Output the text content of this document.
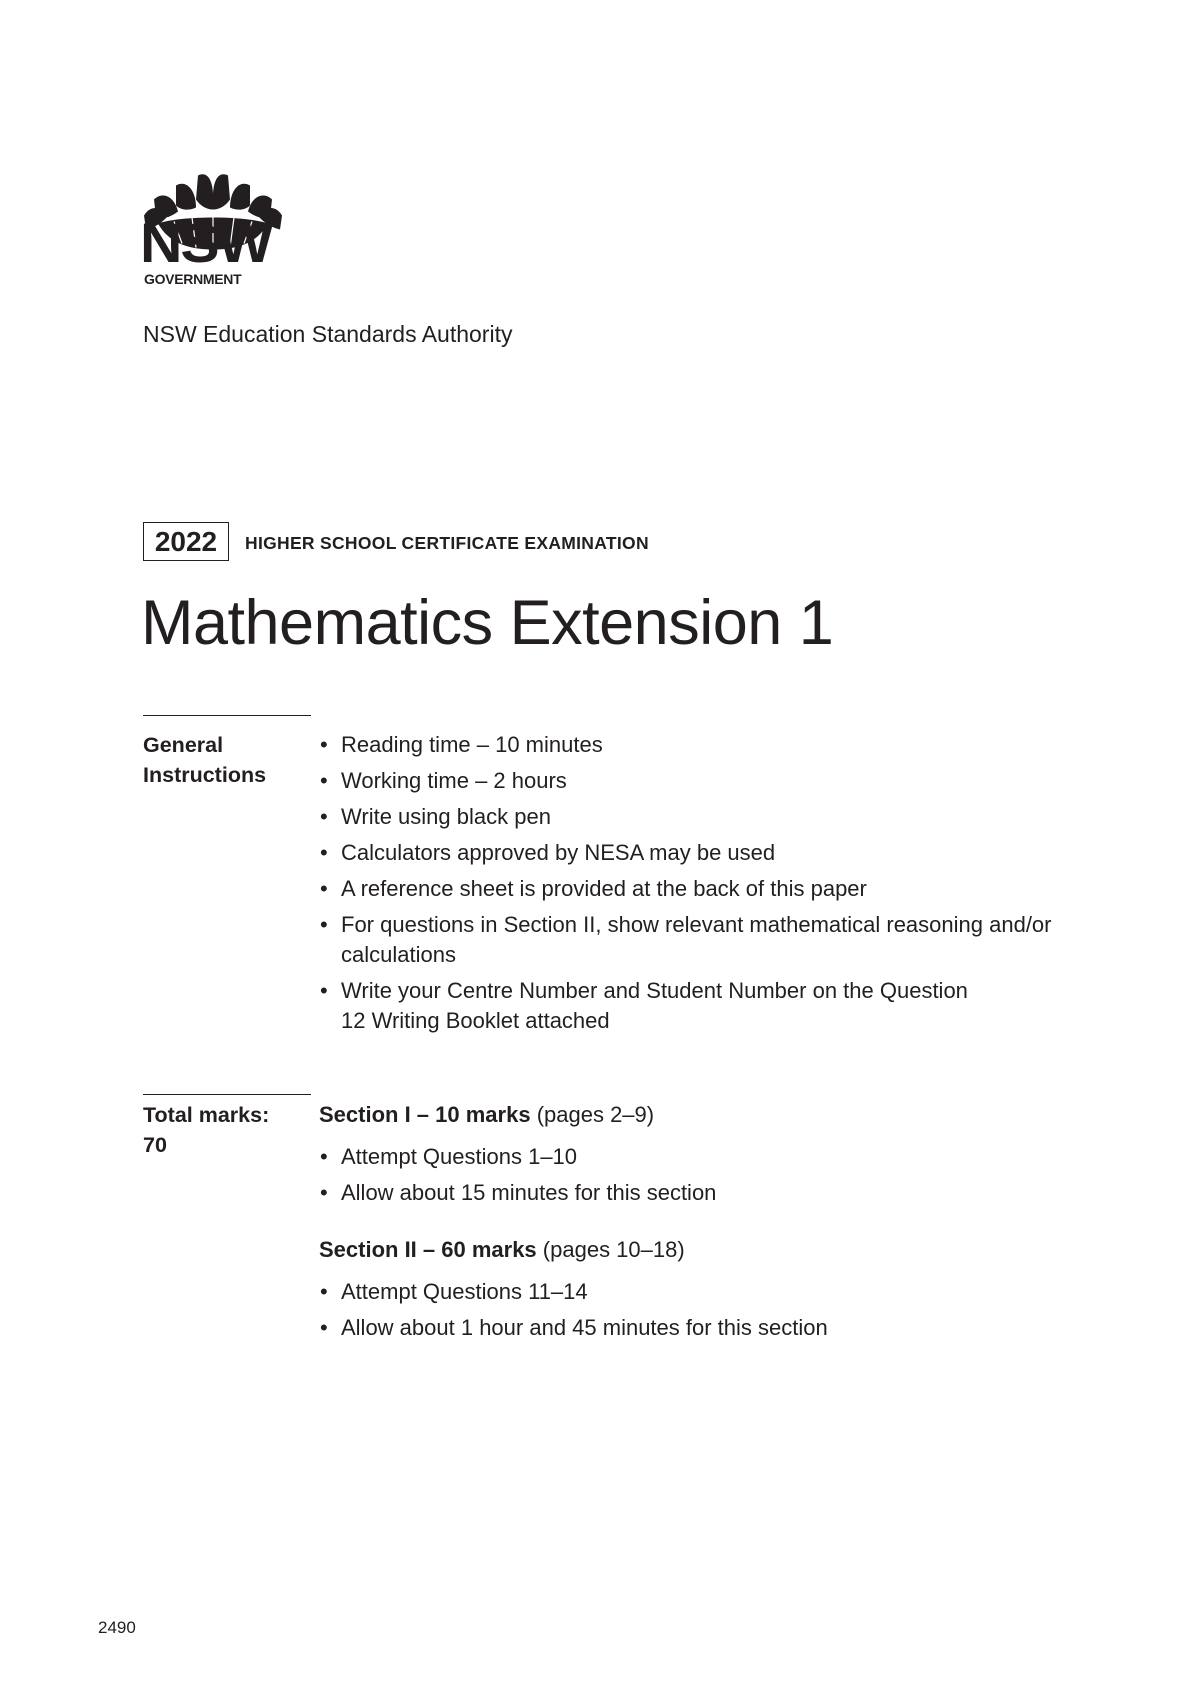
NSW
GOVERNMENT
NSW Education Standards Authority
2022	HIGHER SCHOOL CERTIFICATE EXAMINATION
Mathematics Extension 1
General
Instructions
• Reading time – 10 minutes
• Working time – 2 hours
• Write using black pen
• Calculators approved by NESA may be used
• A reference sheet is provided at the back of this paper
• For questions in Section II, show relevant mathematical reasoning and/or calculations
• Write your Centre Number and Student Number on the Question 12 Writing Booklet attached
Total marks:
70
Section I – 10 marks (pages 2–9)
• Attempt Questions 1–10
• Allow about 15 minutes for this section
Section II – 60 marks (pages 10–18)
• Attempt Questions 11–14
• Allow about 1 hour and 45 minutes for this section
2490
